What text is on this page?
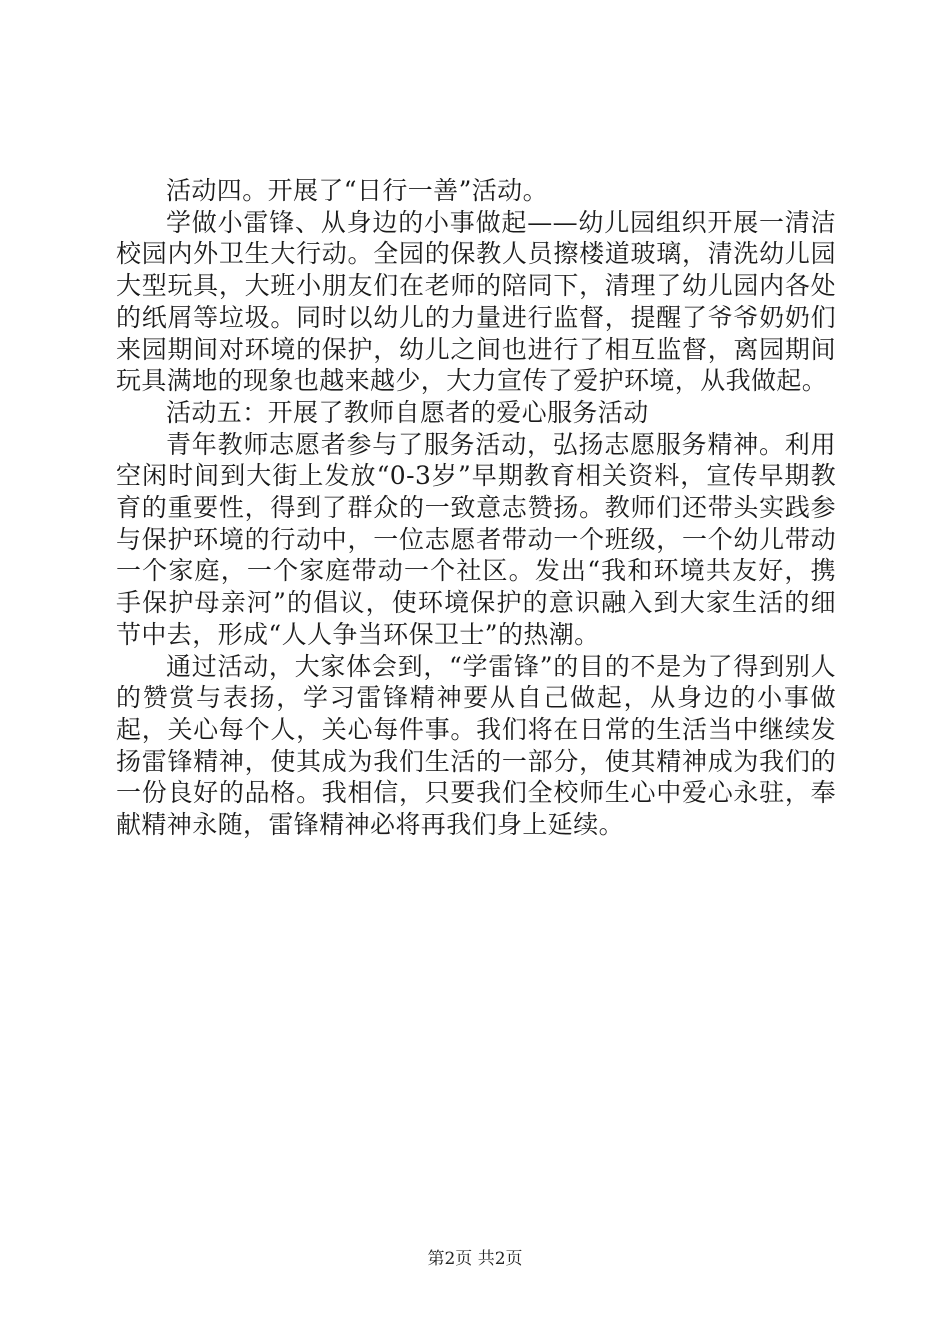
活动四。开展了“日行一善”活动。

学做小雷锋、从身边的小事做起——幼儿园组织开展一清洁校园内外卫生大行动。全园的保教人员擦楼道玻璃，清洗幼儿园大型玩具，大班小朋友们在老师的陪同下，清理了幼儿园内各处的纸屑等垃圾。同时以幼儿的力量进行监督，提醒了爷爷奶奶们来园期间对环境的保护，幼儿之间也进行了相互监督，离园期间玩具满地的现象也越来越少，大力宣传了爱护环境，从我做起。

活动五：开展了教师自愿者的爱心服务活动

青年教师志愿者参与了服务活动，弘扬志愿服务精神。利用空闲时间到大街上发放“0-3岁”早期教育相关资料，宣传早期教育的重要性，得到了群众的一致意志赞扬。教师们还带头实践参与保护环境的行动中，一位志愿者带动一个班级，一个幼儿带动一个家庭，一个家庭带动一个社区。发出“我和环境共友好，携手保护母亲河”的倡议，使环境保护的意识融入到大家生活的细节中去，形成“人人争当环保卫士”的热潮。

通过活动，大家体会到，“学雷锋”的目的不是为了得到别人的赞赏与表扬，学习雷锋精神要从自己做起，从身边的小事做起，关心每个人，关心每件事。我们将在日常的生活当中继续发扬雷锋精神，使其成为我们生活的一部分，使其精神成为我们的一份良好的品格。我相信，只要我们全校师生心中爱心永驻，奉献精神永随，雷锋精神必将再我们身上延续。

第2页 共2页
